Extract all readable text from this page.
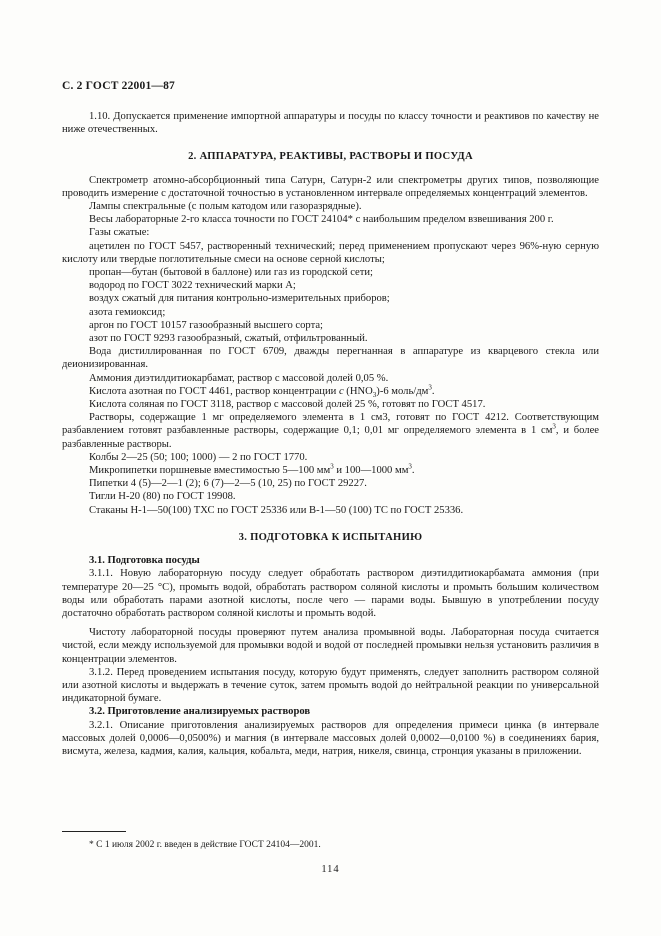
С. 2 ГОСТ 22001—87

1.10. Допускается применение импортной аппаратуры и посуды по классу точности и реактивов по качеству не ниже отечественных.

2. АППАРАТУРА, РЕАКТИВЫ, РАСТВОРЫ И ПОСУДА

Спектрометр атомно-абсорбционный типа Сатурн, Сатурн-2 или спектрометры других типов, позволяющие проводить измерение с достаточной точностью в установленном интервале определяемых концентраций элементов.

Лампы спектральные (с полым катодом или газоразрядные).

Весы лабораторные 2-го класса точности по ГОСТ 24104* с наибольшим пределом взвешивания 200 г.

Газы сжатые:

ацетилен по ГОСТ 5457, растворенный технический; перед применением пропускают через 96%-ную серную кислоту или твердые поглотительные смеси на основе серной кислоты;

пропан—бутан (бытовой в баллоне) или газ из городской сети;

водород по ГОСТ 3022 технический марки А;

воздух сжатый для питания контрольно-измерительных приборов;

азота гемиоксид;

аргон по ГОСТ 10157 газообразный высшего сорта;

азот по ГОСТ 9293 газообразный, сжатый, отфильтрованный.

Вода дистиллированная по ГОСТ 6709, дважды перегнанная в аппаратуре из кварцевого стекла или деионизированная.

Аммония диэтилдитиокарбамат, раствор с массовой долей 0,05 %.

Кислота азотная по ГОСТ 4461, раствор концентрации c $(HNO_3)-6$ моль/$дм^3$.

Кислота соляная по ГОСТ 3118, раствор с массовой долей 25 %, готовят по ГОСТ 4517.

Растворы, содержащие 1 мг определяемого элемента в 1 см3, готовят по ГОСТ 4212. Соответствующим разбавлением готовят разбавленные растворы, содержащие 0,1; 0,01 мг определяемого элемента в 1 $см^3$, и более разбавленные растворы.

Колбы 2—25 (50; 100; 1000) — 2 по ГОСТ 1770.

Микропипетки поршневые вместимостью 5—100 $мм^3$ и 100—1000 $мм^3$.

Пипетки 4 (5)—2—1 (2); 6 (7)—2—5 (10, 25) по ГОСТ 29227.

Тигли Н-20 (80) по ГОСТ 19908.

Стаканы Н-1—50(100) ТХС по ГОСТ 25336 или В-1—50 (100) ТС по ГОСТ 25336.

3. ПОДГОТОВКА К ИСПЫТАНИЮ

3.1. Подготовка посуды

3.1.1. Новую лабораторную посуду следует обработать раствором диэтилдитиокарбамата аммония (при температуре 20—25 °С), промыть водой, обработать раствором соляной кислоты и промыть большим количеством воды или обработать парами азотной кислоты, после чего — парами воды. Бывшую в употреблении посуду достаточно обработать раствором соляной кислоты и промыть водой.

Чистоту лабораторной посуды проверяют путем анализа промывной воды. Лабораторная посуда считается чистой, если между используемой для промывки водой и водой от последней промывки нельзя установить различия в концентрации элементов.

3.1.2. Перед проведением испытания посуду, которую будут применять, следует заполнить раствором соляной или азотной кислоты и выдержать в течение суток, затем промыть водой до нейтральной реакции по универсальной индикаторной бумаге.

3.2. Приготовление анализируемых растворов

3.2.1. Описание приготовления анализируемых растворов для определения примеси цинка (в интервале массовых долей 0,0006—0,0500%) и магния (в интервале массовых долей 0,0002—0,0100 %) в соединениях бария, висмута, железа, кадмия, калия, кальция, кобальта, меди, натрия, никеля, свинца, стронция указаны в приложении.

* С 1 июля 2002 г. введен в действие ГОСТ 24104—2001.
114
